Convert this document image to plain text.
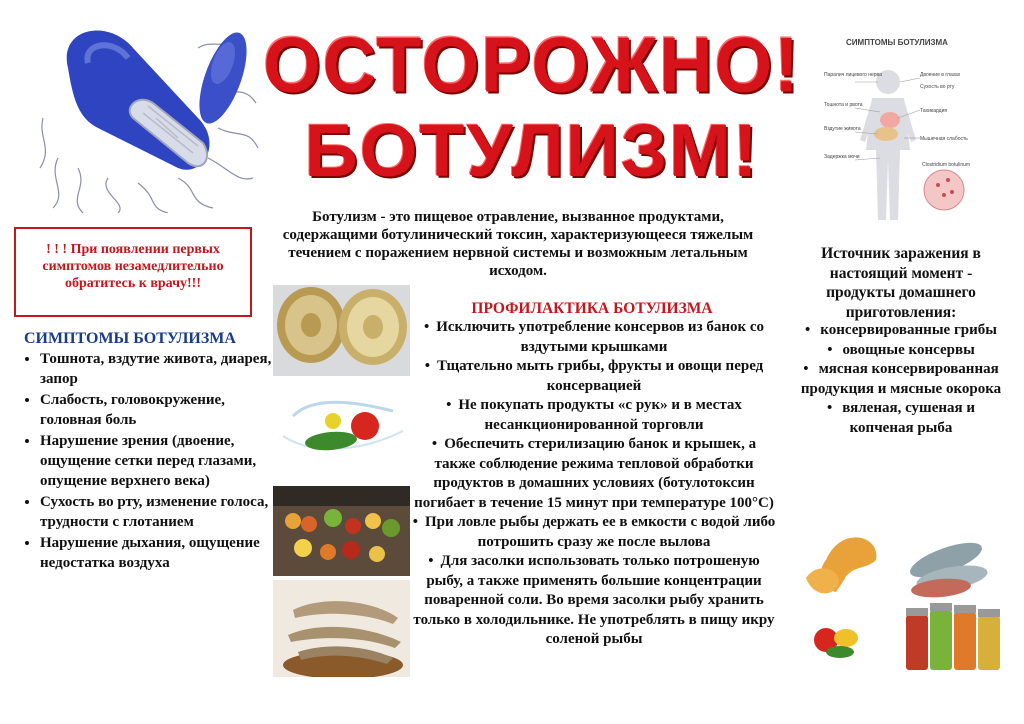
ОСТОРОЖНО!
БОТУЛИЗМ!
Ботулизм - это пищевое отравление, вызванное продуктами, содержащими ботулинический токсин, характеризующееся тяжелым течением с поражением нервной системы и возможным летальным исходом.
! ! ! При появлении первых симптомов незамедлительно обратитесь к врачу!!!
СИМПТОМЫ БОТУЛИЗМА
• Тошнота, вздутие живота, диарея, запор
• Слабость, головокружение, головная боль
• Нарушение зрения (двоение, ощущение сетки перед глазами, опущение верхнего века)
• Сухость во рту, изменение голоса, трудности с глотанием
• Нарушение дыхания, ощущение недостатка воздуха
ПРОФИЛАКТИКА БОТУЛИЗМА
• Исключить употребление консервов из банок со вздутыми крышками
• Тщательно мыть грибы, фрукты и овощи перед консервацией
• Не покупать продукты «с рук» и в местах несанкционированной торговли
• Обеспечить стерилизацию банок и крышек, а также соблюдение режима тепловой обработки продуктов в домашних условиях (ботулотоксин погибает в течение 15 минут при температуре 100°С)
• При ловле рыбы держать ее в емкости с водой либо потрошить сразу же после вылова
• Для засолки использовать только потрошеную рыбу, а также применять большие концентрации поваренной соли. Во время засолки рыбу хранить только в холодильнике. Не употреблять в пищу икру соленой рыбы
Паралич лицевого нерва	Двоение в глазах
Сухость во рту
Тошнота и рвота
Тахикардия
Вздутие живота
Мышечная слабость
Задержка мочи
Clostridium botulinum
СИМПТОМЫ БОТУЛИЗМА
Источник заражения в настоящий момент - продукты домашнего приготовления:
• консервированные грибы
• овощные консервы
• мясная консервированная продукция и мясные окорока
• вяленая, сушеная и копченая рыба
